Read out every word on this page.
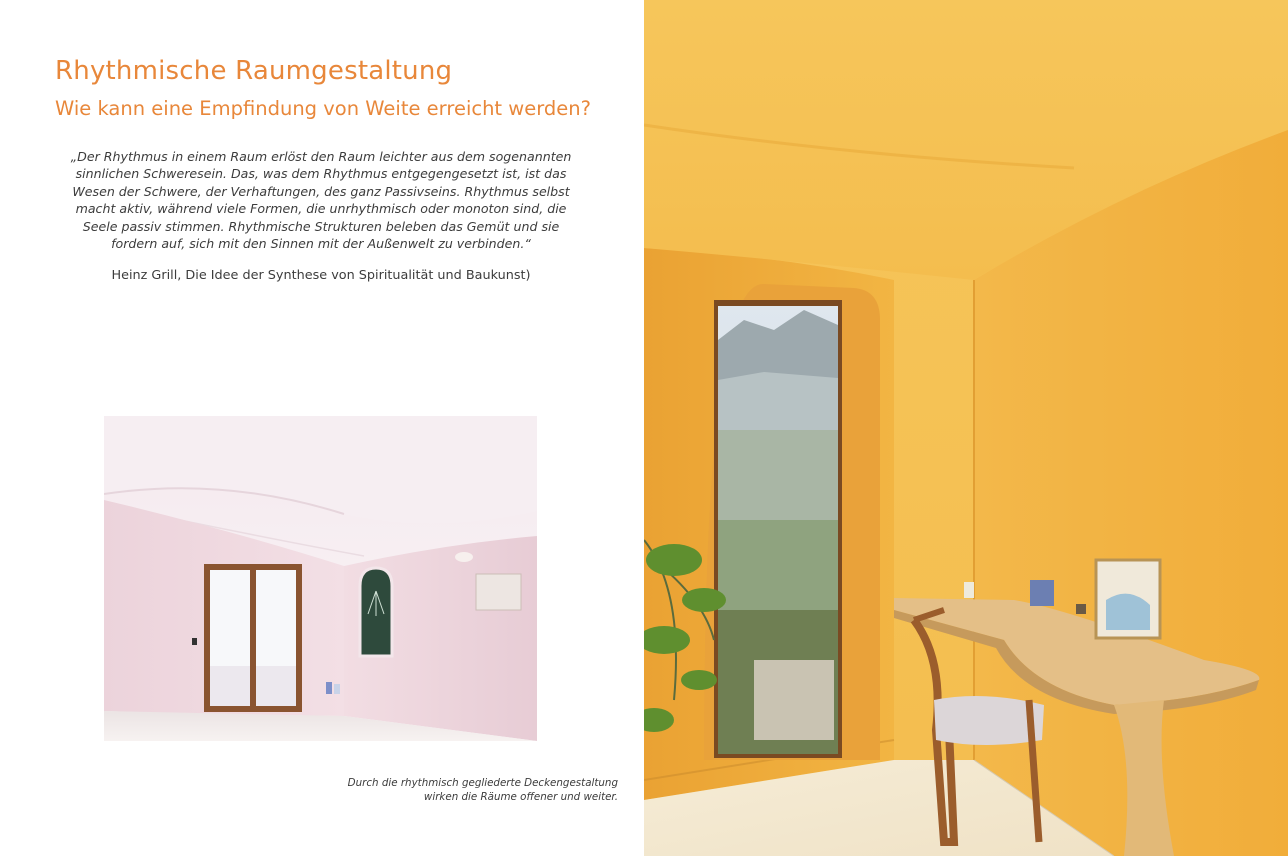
Rhythmische Raumgestaltung
Wie kann eine Empfindung von Weite erreicht werden?
„Der Rhythmus in einem Raum erlöst den Raum leichter aus dem sogenannten
sinnlichen Schweresein. Das, was dem Rhythmus entgegengesetzt ist, ist das
Wesen der Schwere, der Verhaftungen, des ganz Passivseins. Rhythmus selbst
macht aktiv, während viele Formen, die unrhythmisch oder monoton sind, die
Seele passiv stimmen. Rhythmische Strukturen beleben das Gemüt und sie
fordern auf, sich mit den Sinnen mit der Außenwelt zu verbinden.“
Heinz Grill, Die Idee der Synthese von Spiritualität und Baukunst)
Durch die rhythmisch gegliederte Deckengestaltung
wirken die Räume offener und weiter.
